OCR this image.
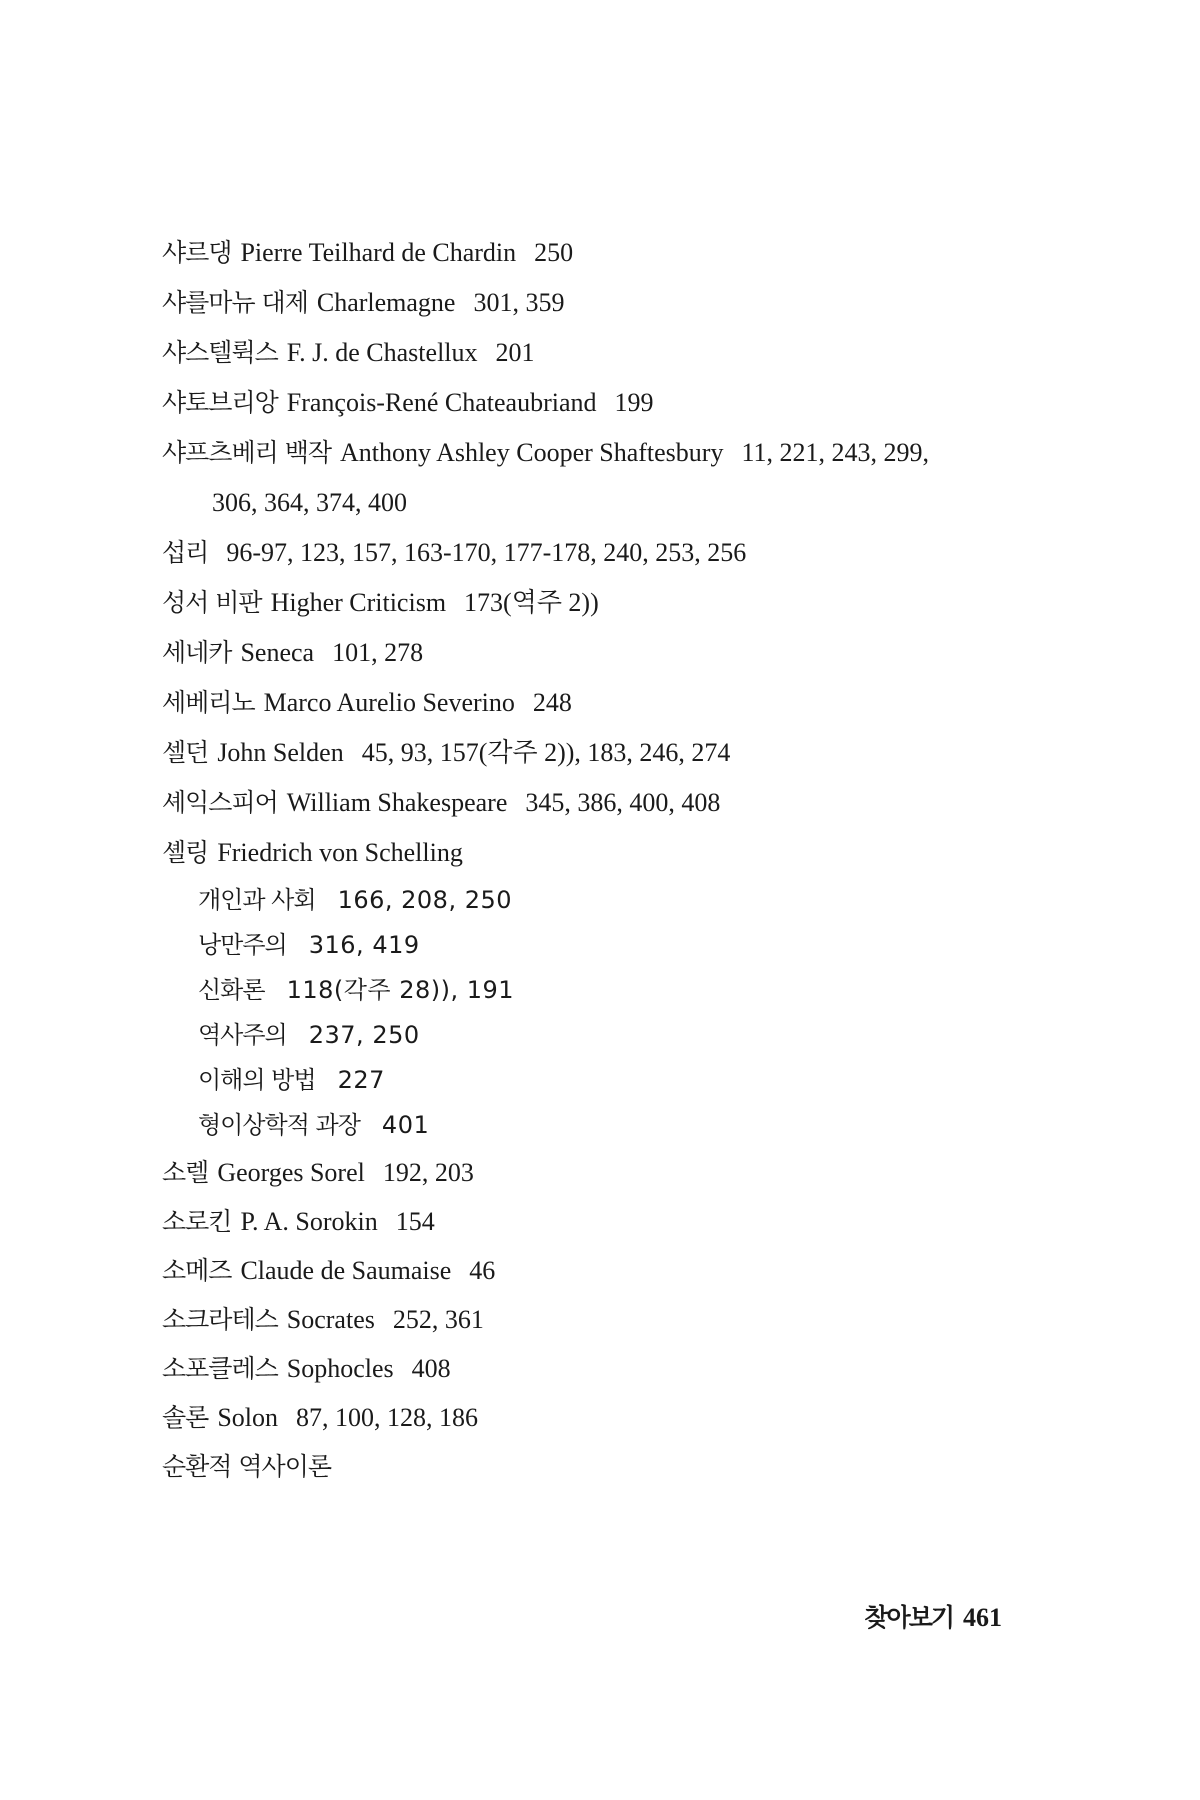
샤르댕 Pierre Teilhard de Chardin 250
샤를마뉴 대제 Charlemagne 301, 359
샤스텔뤽스 F. J. de Chastellux 201
샤토브리앙 François-René Chateaubriand 199
샤프츠베리 백작 Anthony Ashley Cooper Shaftesbury 11, 221, 243, 299,
306, 364, 374, 400
섭리 96-97, 123, 157, 163-170, 177-178, 240, 253, 256
성서 비판 Higher Criticism 173(역주 2))
세네카 Seneca 101, 278
세베리노 Marco Aurelio Severino 248
셀던 John Selden 45, 93, 157(각주 2)), 183, 246, 274
셰익스피어 William Shakespeare 345, 386, 400, 408
셸링 Friedrich von Schelling
개인과 사회 166, 208, 250
낭만주의 316, 419
신화론 118(각주 28)), 191
역사주의 237, 250
이해의 방법 227
형이상학적 과장 401
소렐 Georges Sorel 192, 203
소로킨 P. A. Sorokin 154
소메즈 Claude de Saumaise 46
소크라테스 Socrates 252, 361
소포클레스 Sophocles 408
솔론 Solon 87, 100, 128, 186
순환적 역사이론
찾아보기 461
